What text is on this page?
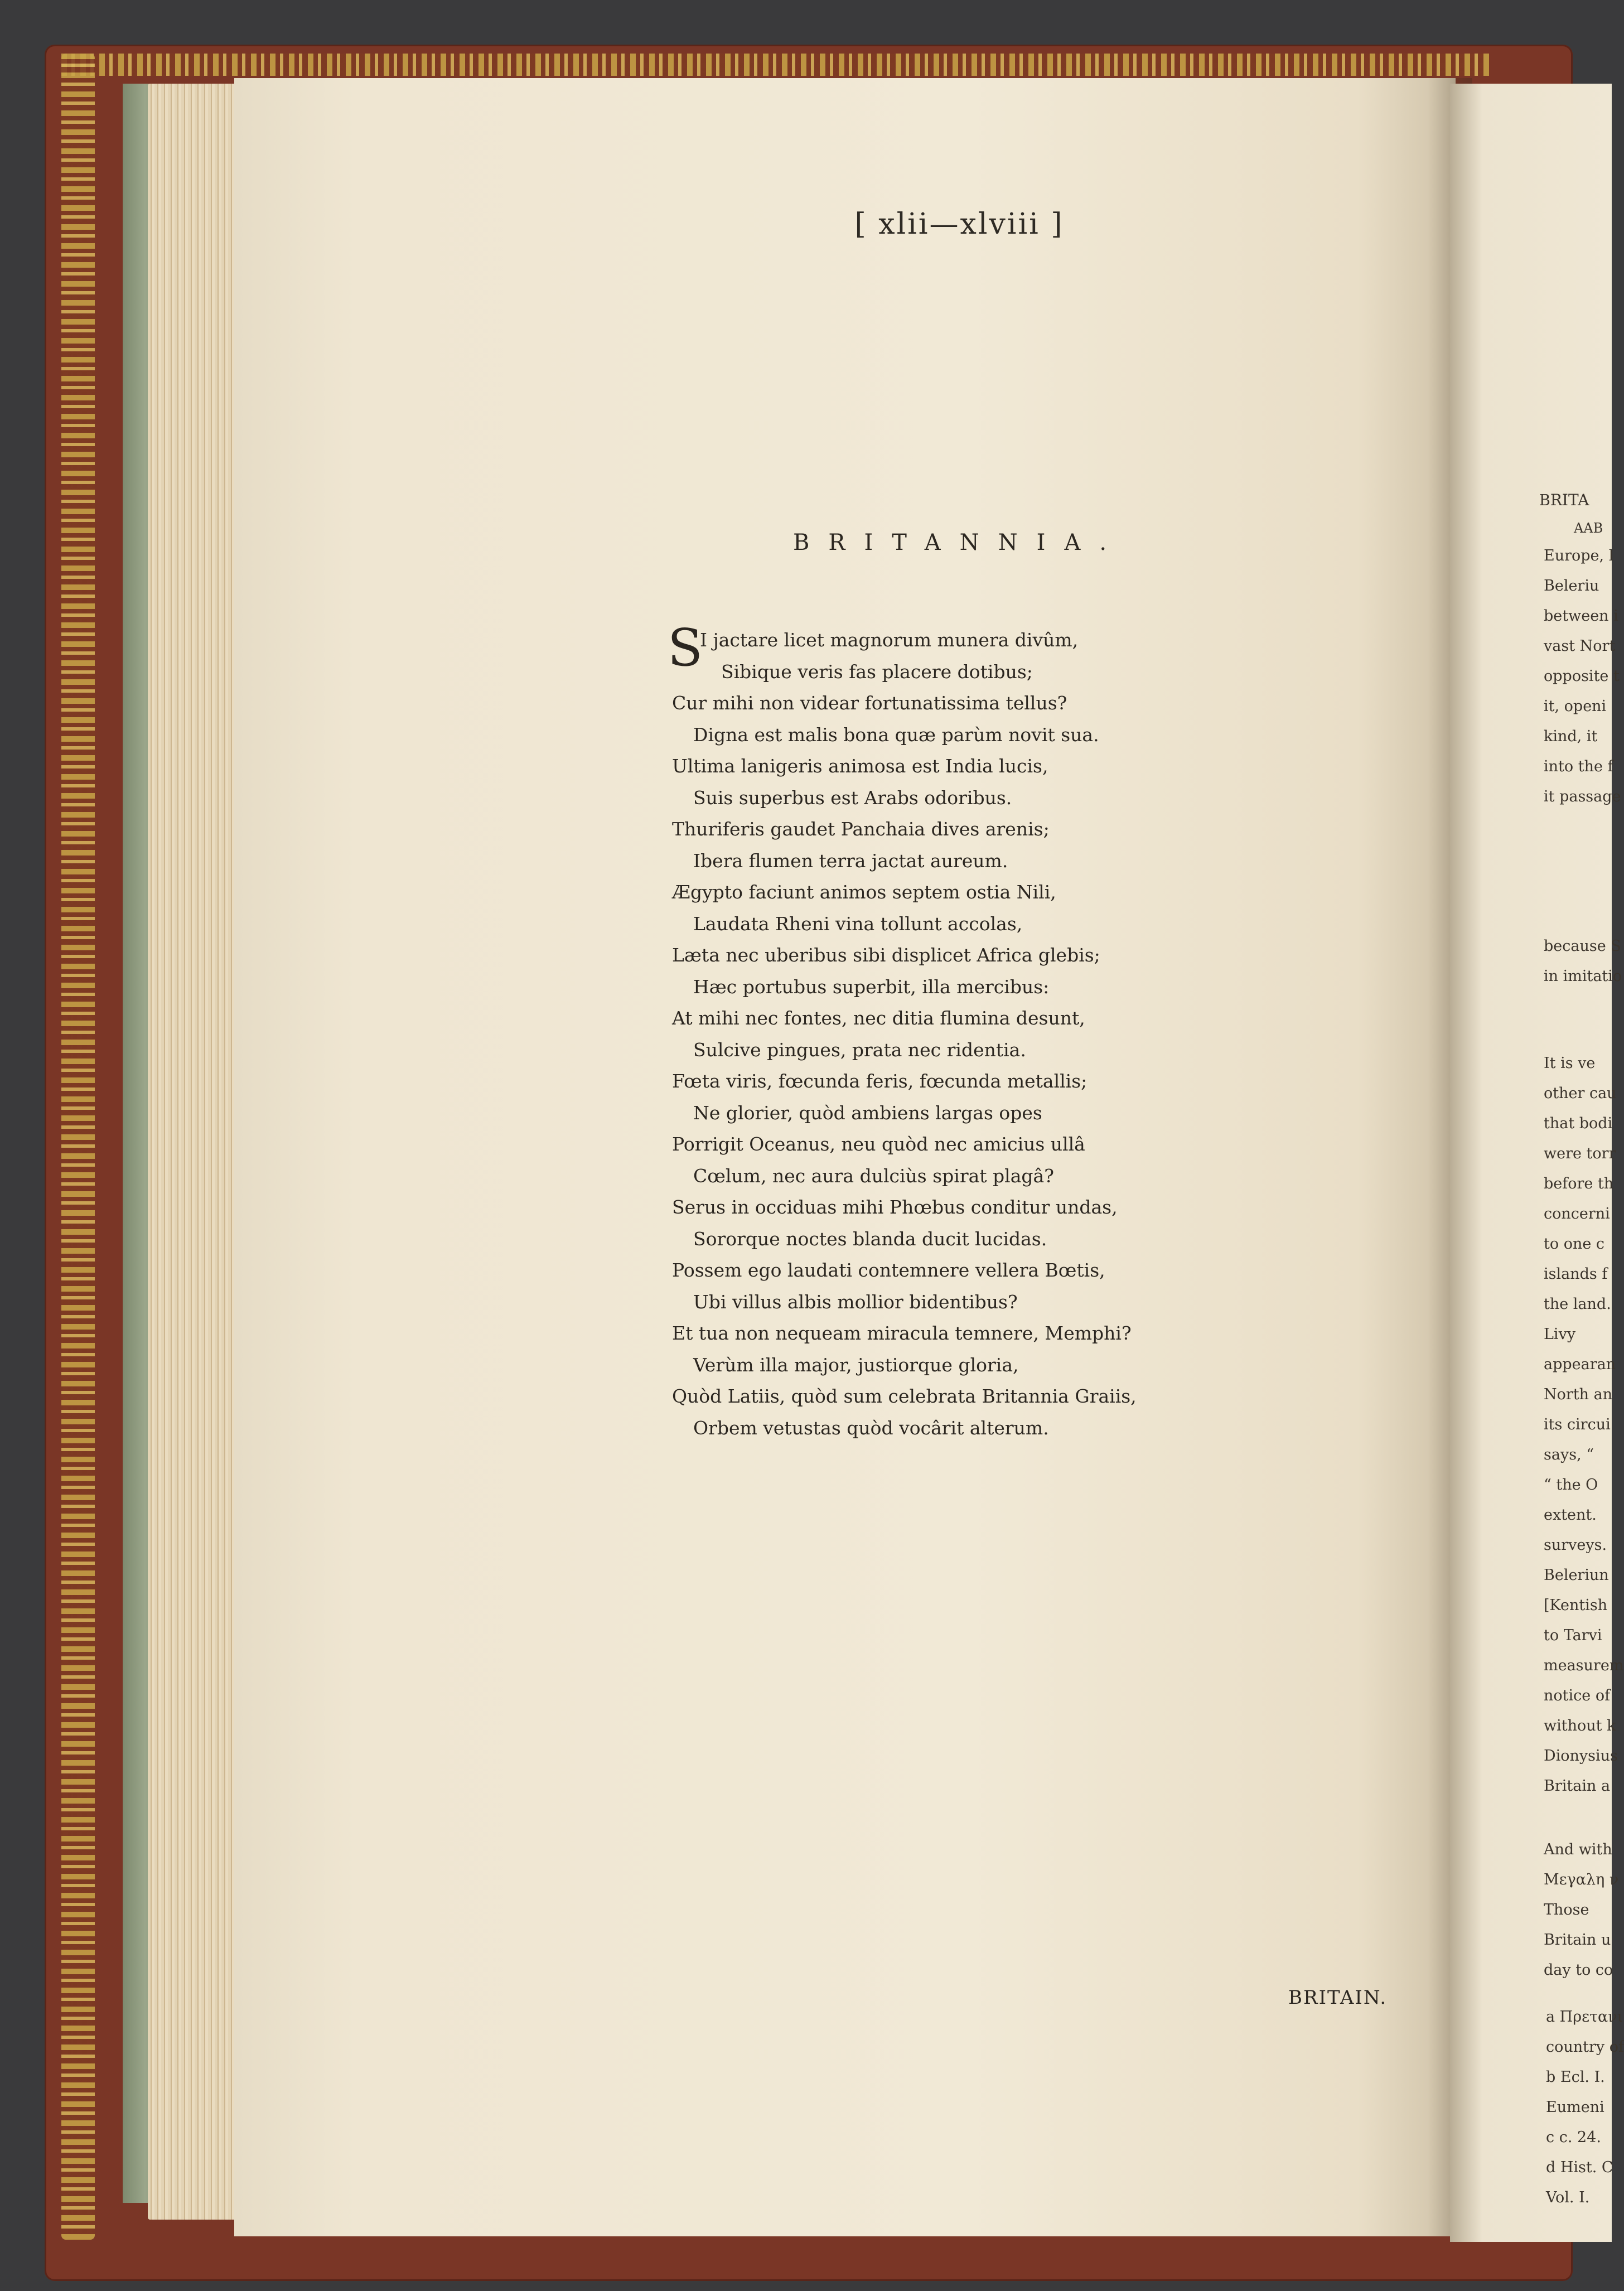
[ xlii—xlviii ]
BRITANNIA.
S
I jactare licet magnorum munera divûm,
Sibique veris fas placere dotibus;
Cur mihi non videar fortunatissima tellus?
Digna est malis bona quæ parùm novit sua.
Ultima lanigeris animosa est India lucis,
Suis superbus est Arabs odoribus.
Thuriferis gaudet Panchaia dives arenis;
Ibera flumen terra jactat aureum.
Ægypto faciunt animos septem ostia Nili,
Laudata Rheni vina tollunt accolas,
Læta nec uberibus sibi displicet Africa glebis;
Hæc portubus superbit, illa mercibus:
At mihi nec fontes, nec ditia flumina desunt,
Sulcive pingues, prata nec ridentia.
Fœta viris, fœcunda feris, fœcunda metallis;
Ne glorier, quòd ambiens largas opes
Porrigit Oceanus, neu quòd nec amicius ullâ
Cœlum, nec aura dulciùs spirat plagâ?
Serus in occiduas mihi Phœbus conditur undas,
Sororque noctes blanda ducit lucidas.
Possem ego laudati contemnere vellera Bœtis,
Ubi villus albis mollior bidentibus?
Et tua non nequeam miracula temnere, Memphi?
Verùm illa major, justiorque gloria,
Quòd Latiis, quòd sum celebrata Britannia Graiis,
Orbem vetustas quòd vocârit alterum.
BRITAIN.
BRITA
AAB
Europe, l
Beleriu
between i
vast Nort
opposite t
it, openi
kind, it
into the f
it passage
because S
in imitatio
It is ve
other cau
that bodi
were torr
before th
concerni
to one c
islands f
the land.
Livy
appearan
North an
its circui
says, “
“ the O
extent.
surveys.
Beleriun
[Kentish
to Tarvi
measurem
notice of
without k
Dionysius
Britain a
And with
Μεγαλη ν
Those
Britain u
day to co
a Πρετανι
country of
b Ecl. I.
Eumeni
c c. 24.
d Hist. C
Vol. I.
